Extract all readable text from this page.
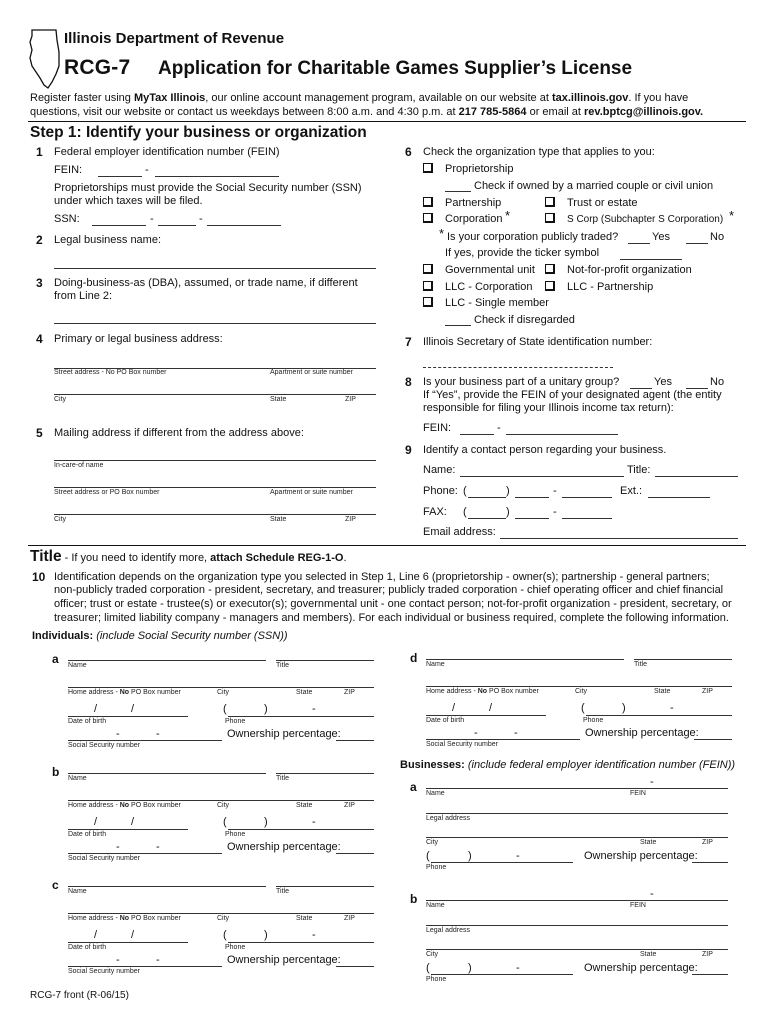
Illinois Department of Revenue
RCG-7 Application for Charitable Games Supplier’s License
Register faster using MyTax Illinois, our online account management program, available on our website at tax.illinois.gov. If you have
questions, visit our website or contact us weekdays between 8:00 a.m. and 4:30 p.m. at 217 785-5864 or email at rev.bptcg@illinois.gov.
Step 1: Identify your business or organization
1 Federal employer identification number (FEIN)
FEIN:	-
Proprietorships must provide the Social Security number (SSN)
under which taxes will be filed.
SSN:	-	-
2 Legal business name:
3 Doing-business-as (DBA), assumed, or trade name, if different
from Line 2:
4 Primary or legal business address:
Street address - No PO Box number	Apartment or suite number
City	State	ZIP
5 Mailing address if different from the address above:
In-care-of name
Street address or PO Box number	Apartment or suite number
City	State	ZIP
6 Check the organization type that applies to you:
Proprietorship
Check if owned by a married couple or civil union
Partnership	Trust or estate
Corporation *	S Corp (Subchapter S Corporation) *
* Is your corporation publicly traded?	Yes	No
If yes, provide the ticker symbol
Governmental unit	Not-for-profit organization
LLC - Corporation	LLC - Partnership
LLC - Single member
Check if disregarded
7 Illinois Secretary of State identification number:
8 Is your business part of a unitary group?	Yes	No
If “Yes”, provide the FEIN of your designated agent (the entity
responsible for filing your Illinois income tax return):
FEIN:	-
9 Identify a contact person regarding your business.
Name:	Title:
Phone: (	)	-	Ext.:
FAX: (	)	-
Email address:
Title - If you need to identify more, attach Schedule REG-1-O.
10 Identification depends on the organization type you selected in Step 1, Line 6 (proprietorship - owner(s); partnership - general partners;
non-publicly traded corporation - president, secretary, and treasurer; publicly traded corporation - chief operating officer and chief financial
officer; trust or estate - trustee(s) or executor(s); governmental unit - one contact person; not-for-profit organization - president, secretary, or
treasurer; limited liability company - managers and members). For each individual or business required, complete the following information.
Individuals: (include Social Security number (SSN))
a Name	Title
Home address - No PO Box number	City	State	ZIP
/	/
Date of birth
(	)	-
Phone
-	-
Social Security number
Ownership percentage:
b Name	Title
Home address - No PO Box number	City	State	ZIP
/	/
Date of birth
(	)	-
Phone
-	-
Social Security number
Ownership percentage:
c Name	Title
Home address - No PO Box number	City	State	ZIP
/	/
Date of birth
(	)	-
Phone
-	-
Social Security number
Ownership percentage:
d Name	Title
Home address - No PO Box number	City	State	ZIP
/	/
Date of birth
(	)	-
Phone
-	-
Social Security number
Ownership percentage:
Businesses: (include federal employer identification number (FEIN))
a	-
Name	FEIN
Legal address
City	State	ZIP
(	)	-
Phone
Ownership percentage:
b	-
Name	FEIN
Legal address
City	State	ZIP
(	)	-
Phone
Ownership percentage:
RCG-7 front (R-06/15)
